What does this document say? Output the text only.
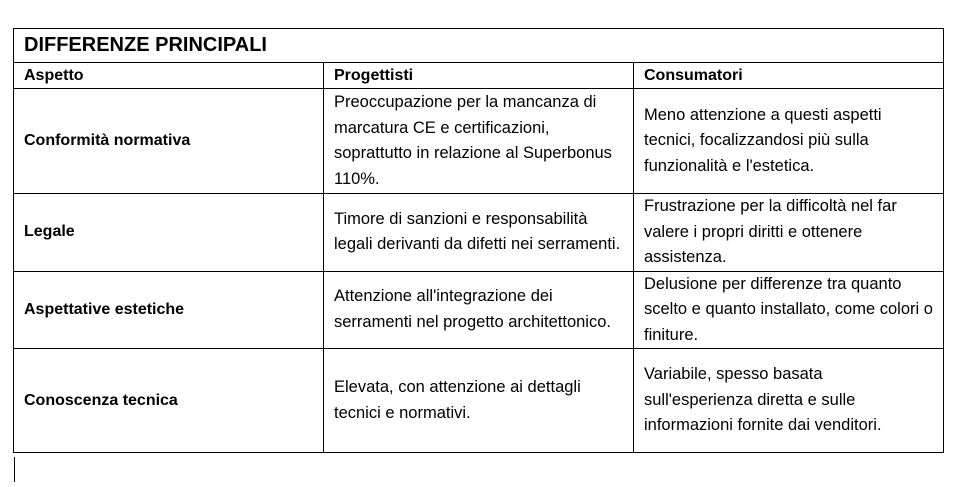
DIFFERENZE PRINCIPALI		
Aspetto	Progettisti	Consumatori
Conformità normativa	Preoccupazione per la mancanza di marcatura CE e certificazioni, soprattutto in relazione al Superbonus 110%.	Meno attenzione a questi aspetti tecnici, focalizzandosi più sulla funzionalità e l'estetica.
Legale	Timore di sanzioni e responsabilità legali derivanti da difetti nei serramenti.	Frustrazione per la difficoltà nel far valere i propri diritti e ottenere assistenza.
Aspettative estetiche	Attenzione all'integrazione dei serramenti nel progetto architettonico.	Delusione per differenze tra quanto scelto e quanto installato, come colori o finiture.
Conoscenza tecnica	Elevata, con attenzione ai dettagli tecnici e normativi.	Variabile, spesso basata sull'esperienza diretta e sulle informazioni fornite dai venditori.
